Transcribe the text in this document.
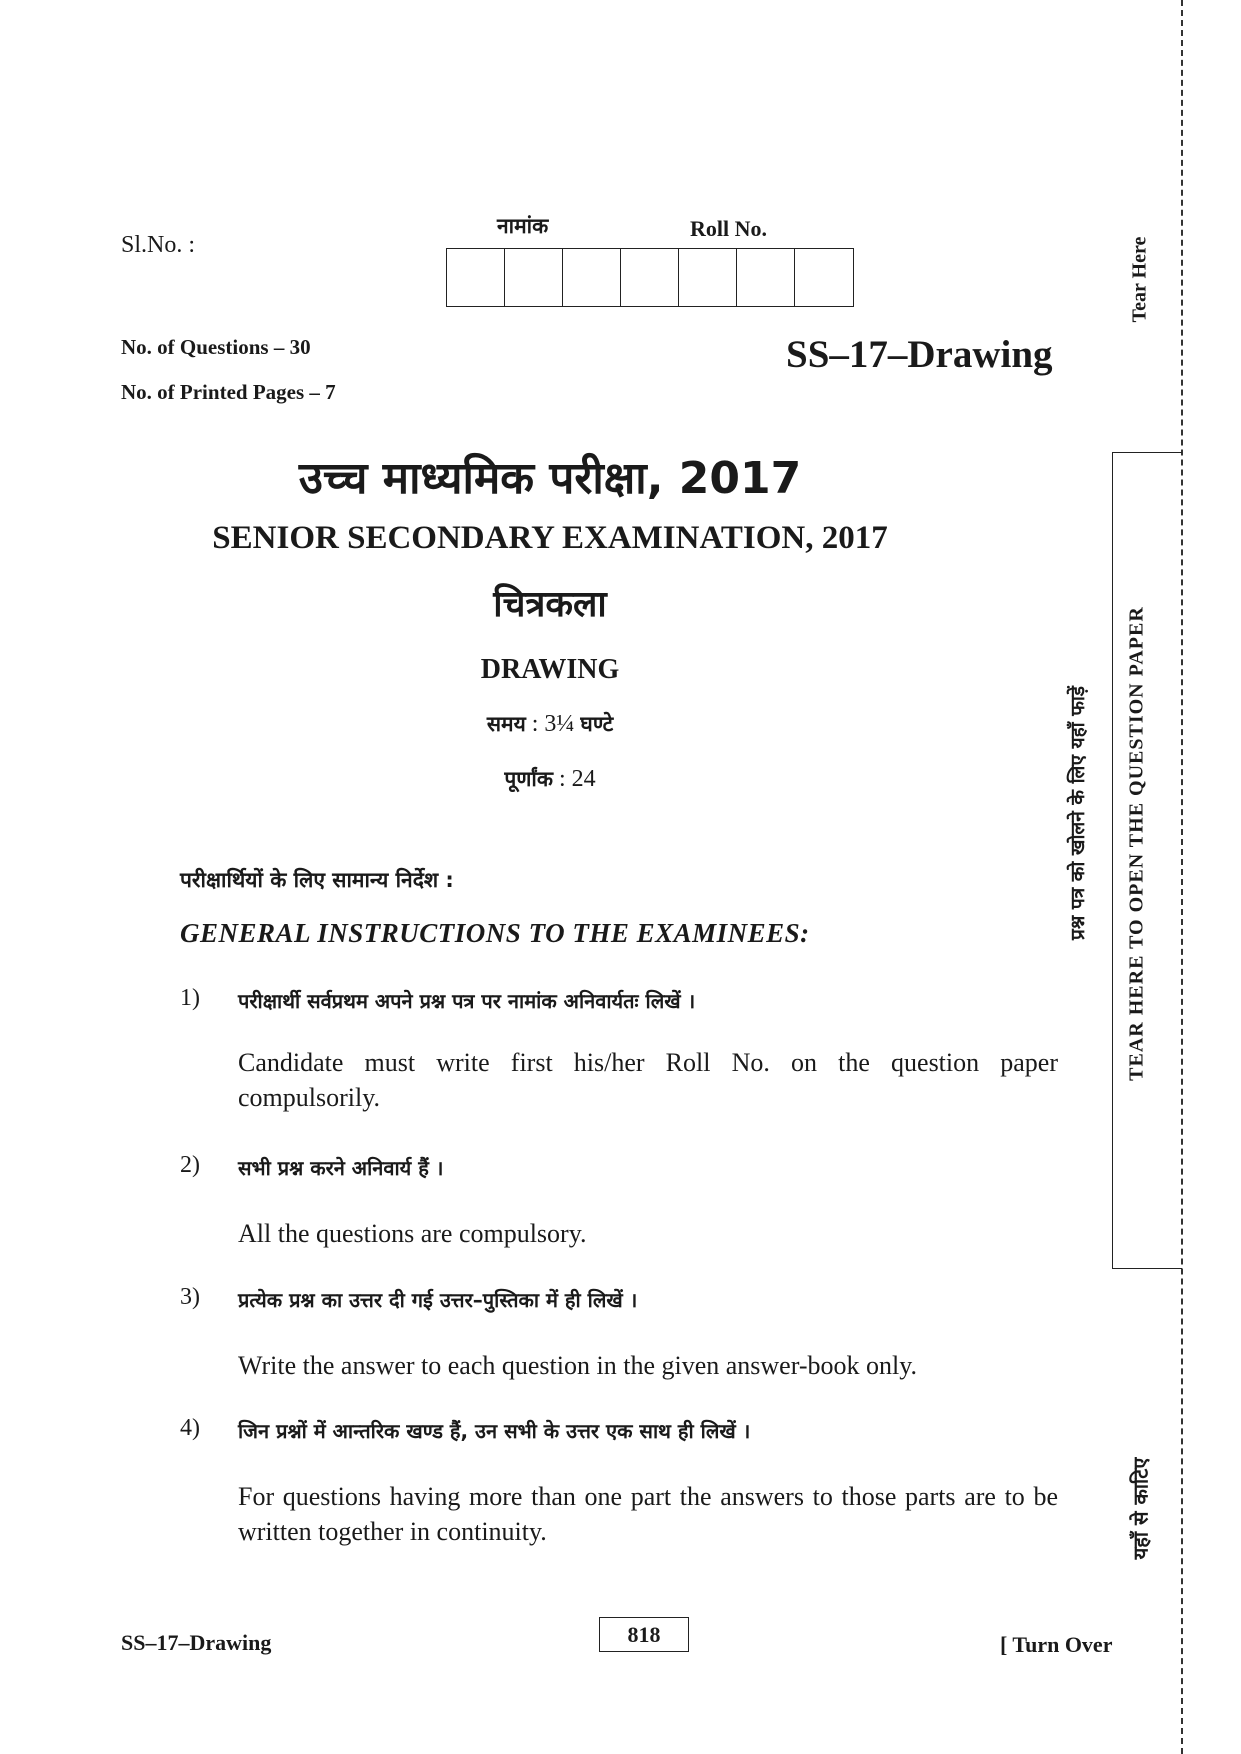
Sl.No. :
नामांक	Roll No.
No. of Questions – 30
No. of Printed Pages – 7
SS–17–Drawing
उच्च माध्यमिक परीक्षा, 2017
SENIOR SECONDARY EXAMINATION, 2017
चित्रकला
DRAWING
समय : 3¼ घण्टे
पूर्णांक : 24
परीक्षार्थियों के लिए सामान्य निर्देश :
GENERAL INSTRUCTIONS TO THE EXAMINEES:
1) परीक्षार्थी सर्वप्रथम अपने प्रश्न पत्र पर नामांक अनिवार्यतः लिखें ।
Candidate must write first his/her Roll No. on the question paper compulsorily.
2) सभी प्रश्न करने अनिवार्य हैं ।
All the questions are compulsory.
3) प्रत्येक प्रश्न का उत्तर दी गई उत्तर–पुस्तिका में ही लिखें ।
Write the answer to each question in the given answer-book only.
4) जिन प्रश्नों में आन्तरिक खण्ड हैं, उन सभी के उत्तर एक साथ ही लिखें ।
For questions having more than one part the answers to those parts are to be written together in continuity.
SS–17–Drawing	818	[ Turn Over
Tear Here
प्रश्न पत्र को खोलने के लिए यहाँ फाड़ें TEAR HERE TO OPEN THE QUESTION PAPER
यहाँ से काटिए
